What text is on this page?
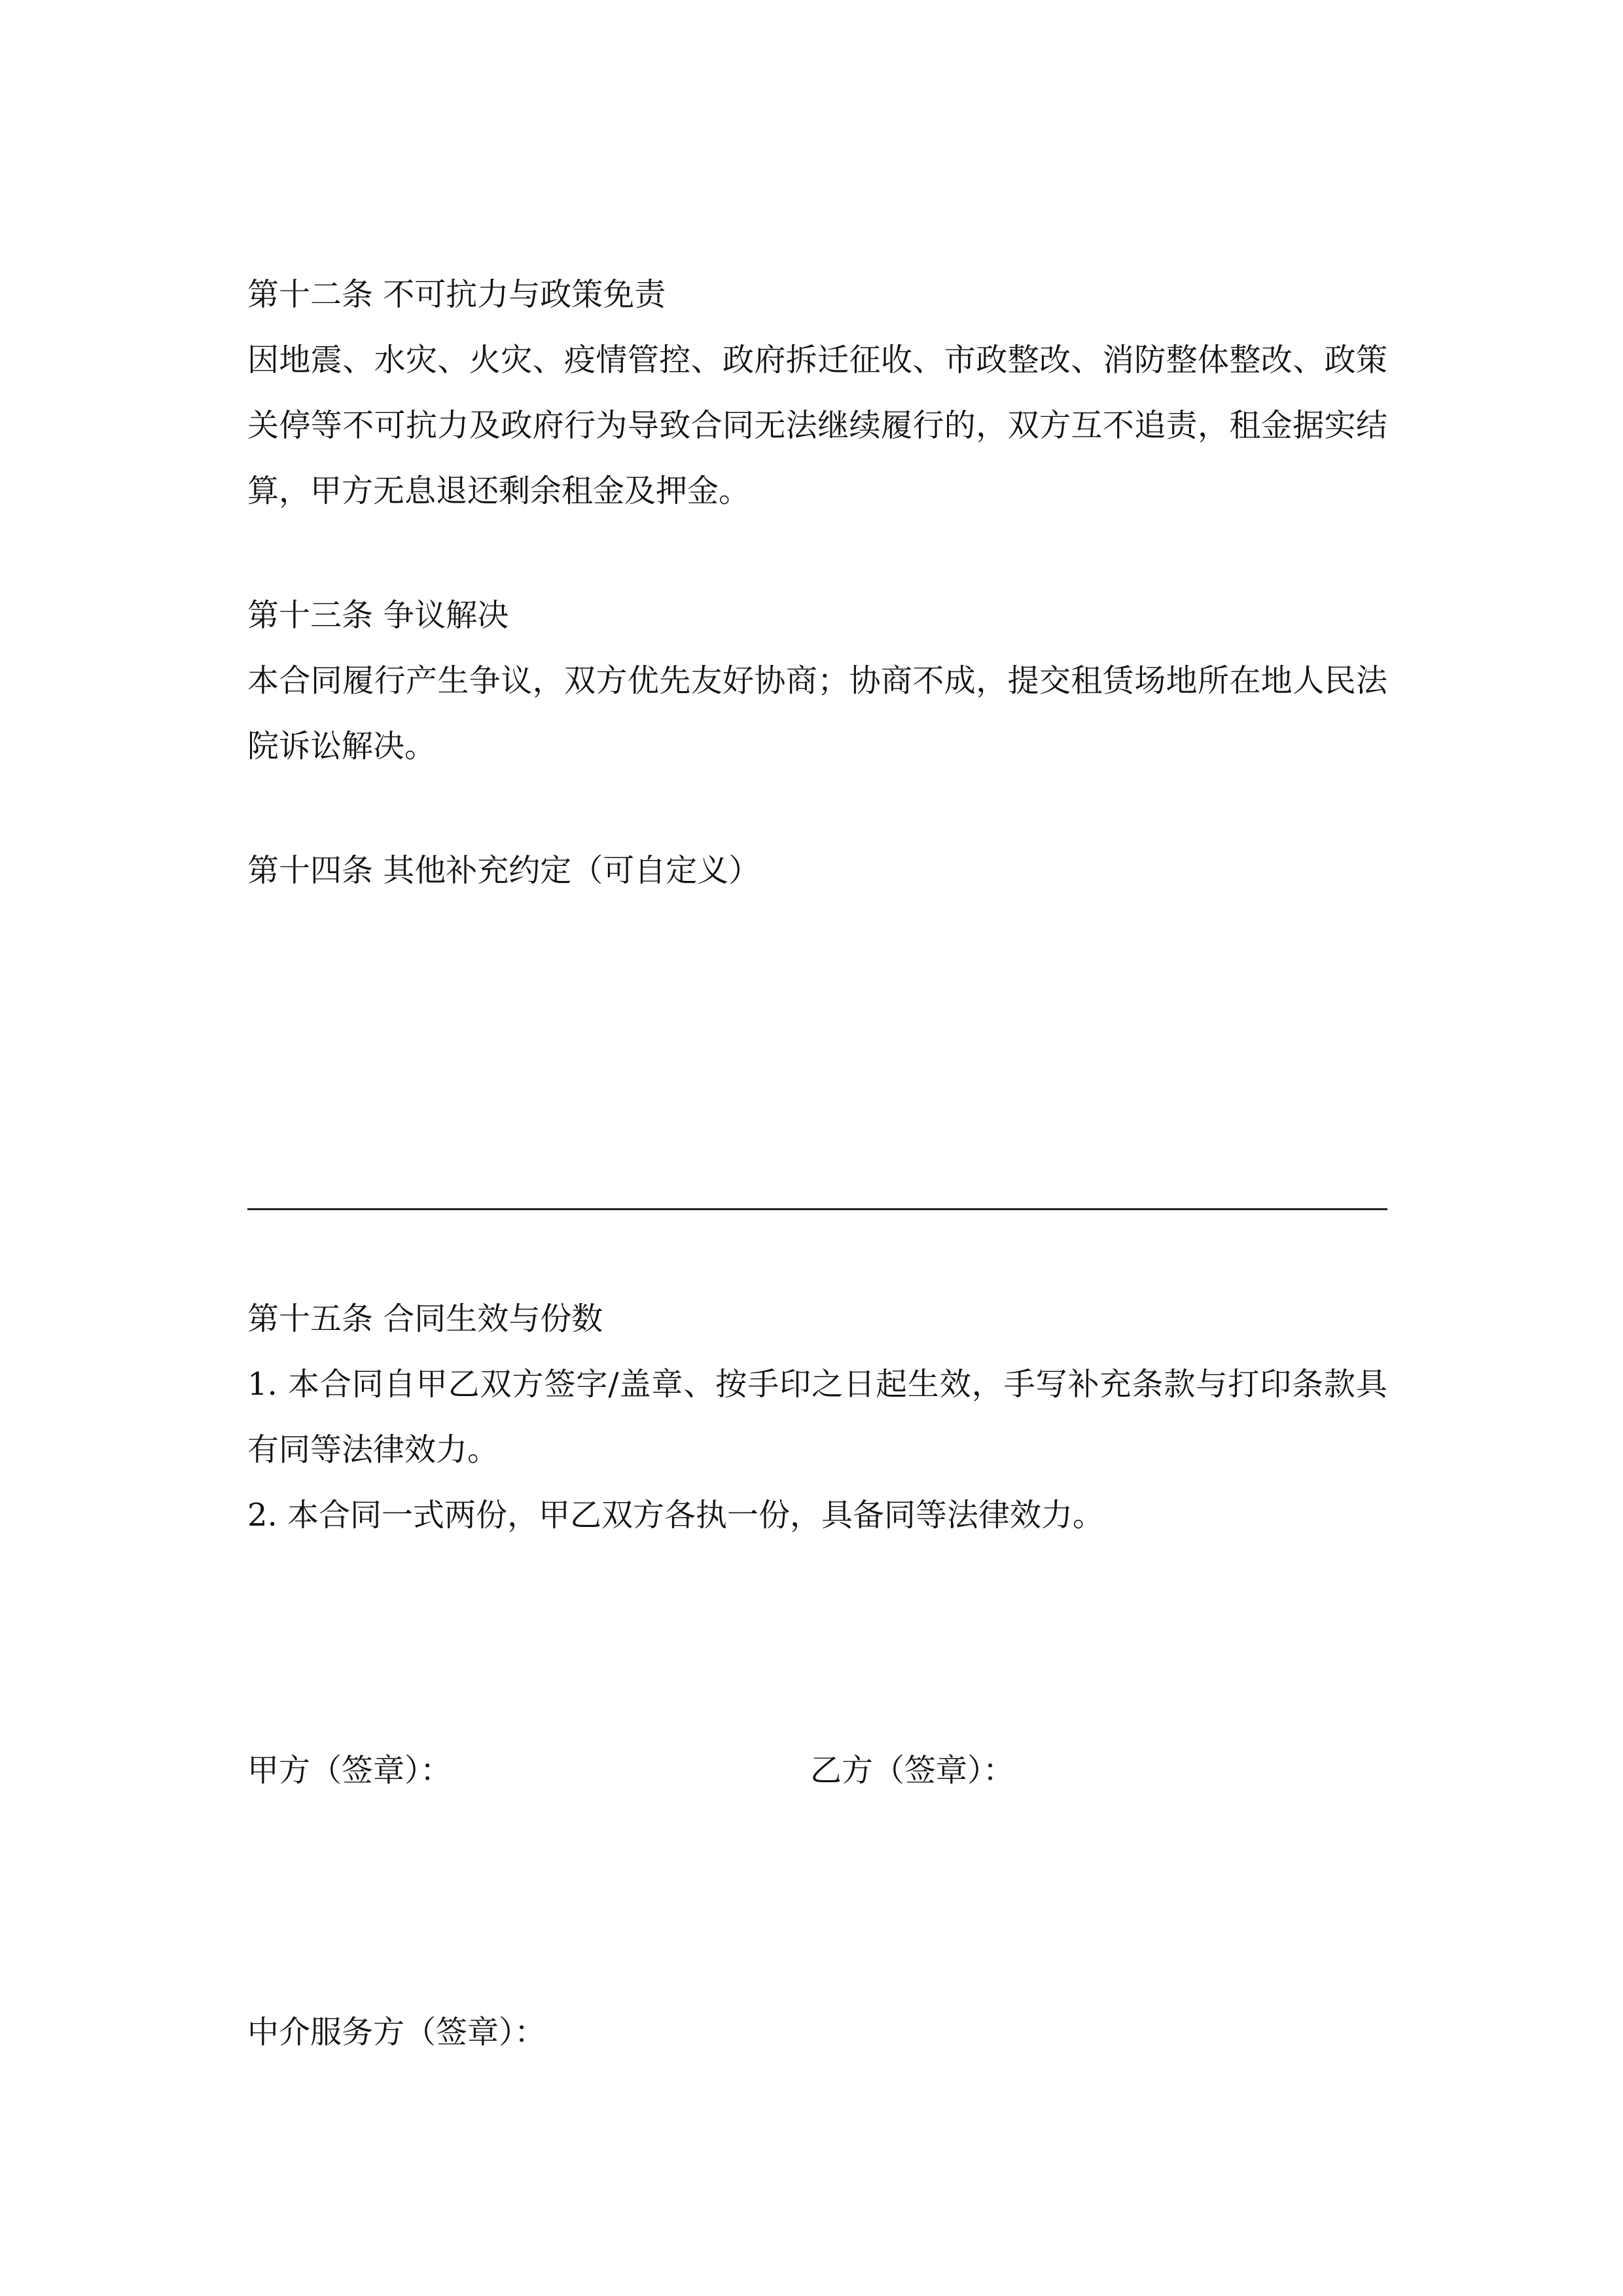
第十二条 不可抗力与政策免责
因地震、水灾、火灾、疫情管控、政府拆迁征收、市政整改、消防整体整改、政策关停等不可抗力及政府行为导致合同无法继续履行的，双方互不追责，租金据实结算，甲方无息退还剩余租金及押金。
第十三条 争议解决
本合同履行产生争议，双方优先友好协商；协商不成，提交租赁场地所在地人民法院诉讼解决。
第十四条 其他补充约定（可自定义）
第十五条 合同生效与份数
1. 本合同自甲乙双方签字/盖章、按手印之日起生效，手写补充条款与打印条款具有同等法律效力。
2. 本合同一式两份，甲乙双方各执一份，具备同等法律效力。
甲方（签章）：	乙方（签章）：
中介服务方（签章）：
